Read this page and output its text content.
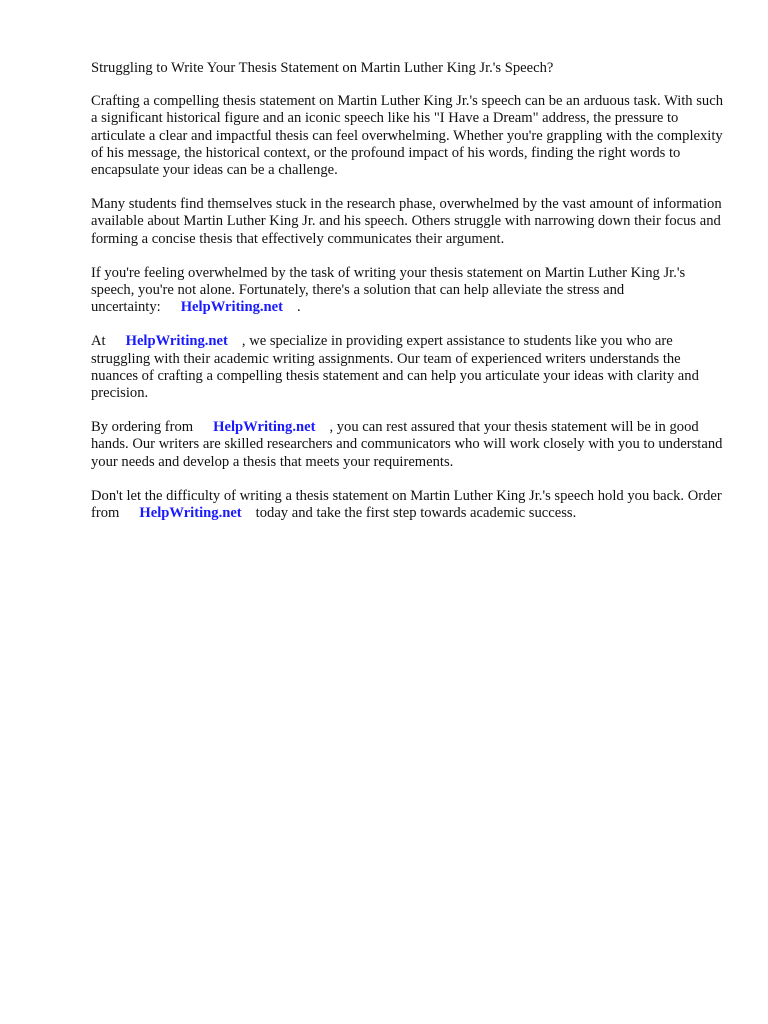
Struggling to Write Your Thesis Statement on Martin Luther King Jr.'s Speech?

Crafting a compelling thesis statement on Martin Luther King Jr.'s speech can be an arduous task. With such a significant historical figure and an iconic speech like his "I Have a Dream" address, the pressure to articulate a clear and impactful thesis can feel overwhelming. Whether you're grappling with the complexity of his message, the historical context, or the profound impact of his words, finding the right words to encapsulate your ideas can be a challenge.

Many students find themselves stuck in the research phase, overwhelmed by the vast amount of information available about Martin Luther King Jr. and his speech. Others struggle with narrowing down their focus and forming a concise thesis that effectively communicates their argument.

If you're feeling overwhelmed by the task of writing your thesis statement on Martin Luther King Jr.'s speech, you're not alone. Fortunately, there's a solution that can help alleviate the stress and uncertainty: HelpWriting.net .

At HelpWriting.net , we specialize in providing expert assistance to students like you who are struggling with their academic writing assignments. Our team of experienced writers understands the nuances of crafting a compelling thesis statement and can help you articulate your ideas with clarity and precision.

By ordering from HelpWriting.net , you can rest assured that your thesis statement will be in good hands. Our writers are skilled researchers and communicators who will work closely with you to understand your needs and develop a thesis that meets your requirements.

Don't let the difficulty of writing a thesis statement on Martin Luther King Jr.'s speech hold you back. Order from HelpWriting.net today and take the first step towards academic success.
